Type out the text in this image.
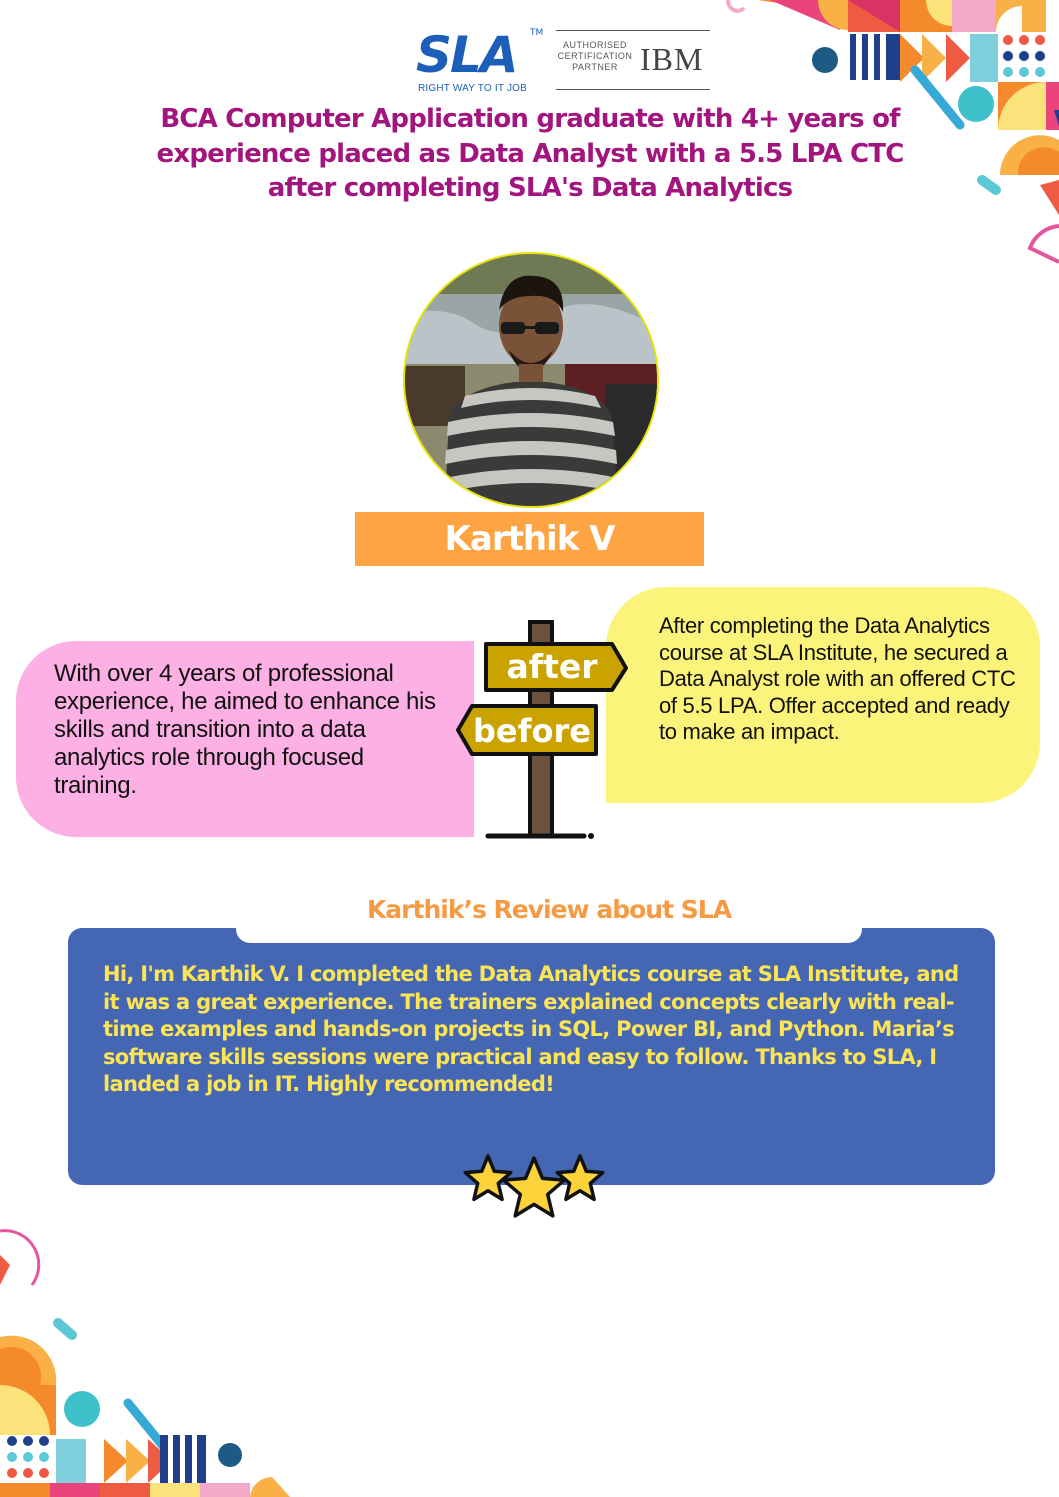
SLA TM
RIGHT WAY TO IT JOB
AUTHORISED
CERTIFICATION
PARTNER IBM
BCA Computer Application graduate with 4+ years of experience placed as Data Analyst with a 5.5 LPA CTC after completing SLA's Data Analytics
Karthik V
With over 4 years of professional experience, he aimed to enhance his skills and transition into a data analytics role through focused training.
After completing the Data Analytics course at SLA Institute, he secured a Data Analyst role with an offered CTC of 5.5 LPA. Offer accepted and ready to make an impact.
after
before
Karthik’s Review about SLA
Hi, I'm Karthik V. I completed the Data Analytics course at SLA Institute, and it was a great experience. The trainers explained concepts clearly with real-time examples and hands-on projects in SQL, Power BI, and Python. Maria’s software skills sessions were practical and easy to follow. Thanks to SLA, I landed a job in IT. Highly recommended!
